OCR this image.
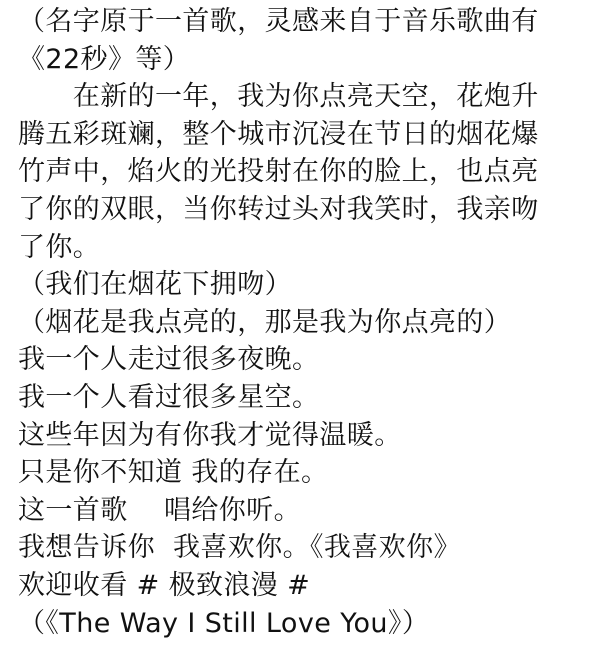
（名字原于一首歌，灵感来自于音乐歌曲有
《22秒》等）
　　在新的一年，我为你点亮天空，花炮升
腾五彩斑斓，整个城市沉浸在节日的烟花爆
竹声中，焰火的光投射在你的脸上，也点亮
了你的双眼，当你转过头对我笑时，我亲吻
了你。
（我们在烟花下拥吻）
（烟花是我点亮的，那是我为你点亮的）
我一个人走过很多夜晚。
我一个人看过很多星空。
这些年因为有你我才觉得温暖。
只是你不知道 我的存在。
这一首歌　 唱给你听。
我想告诉你  我喜欢你。《我喜欢你》
欢迎收看 # 极致浪漫 #
（《The Way I Still Love You》）
